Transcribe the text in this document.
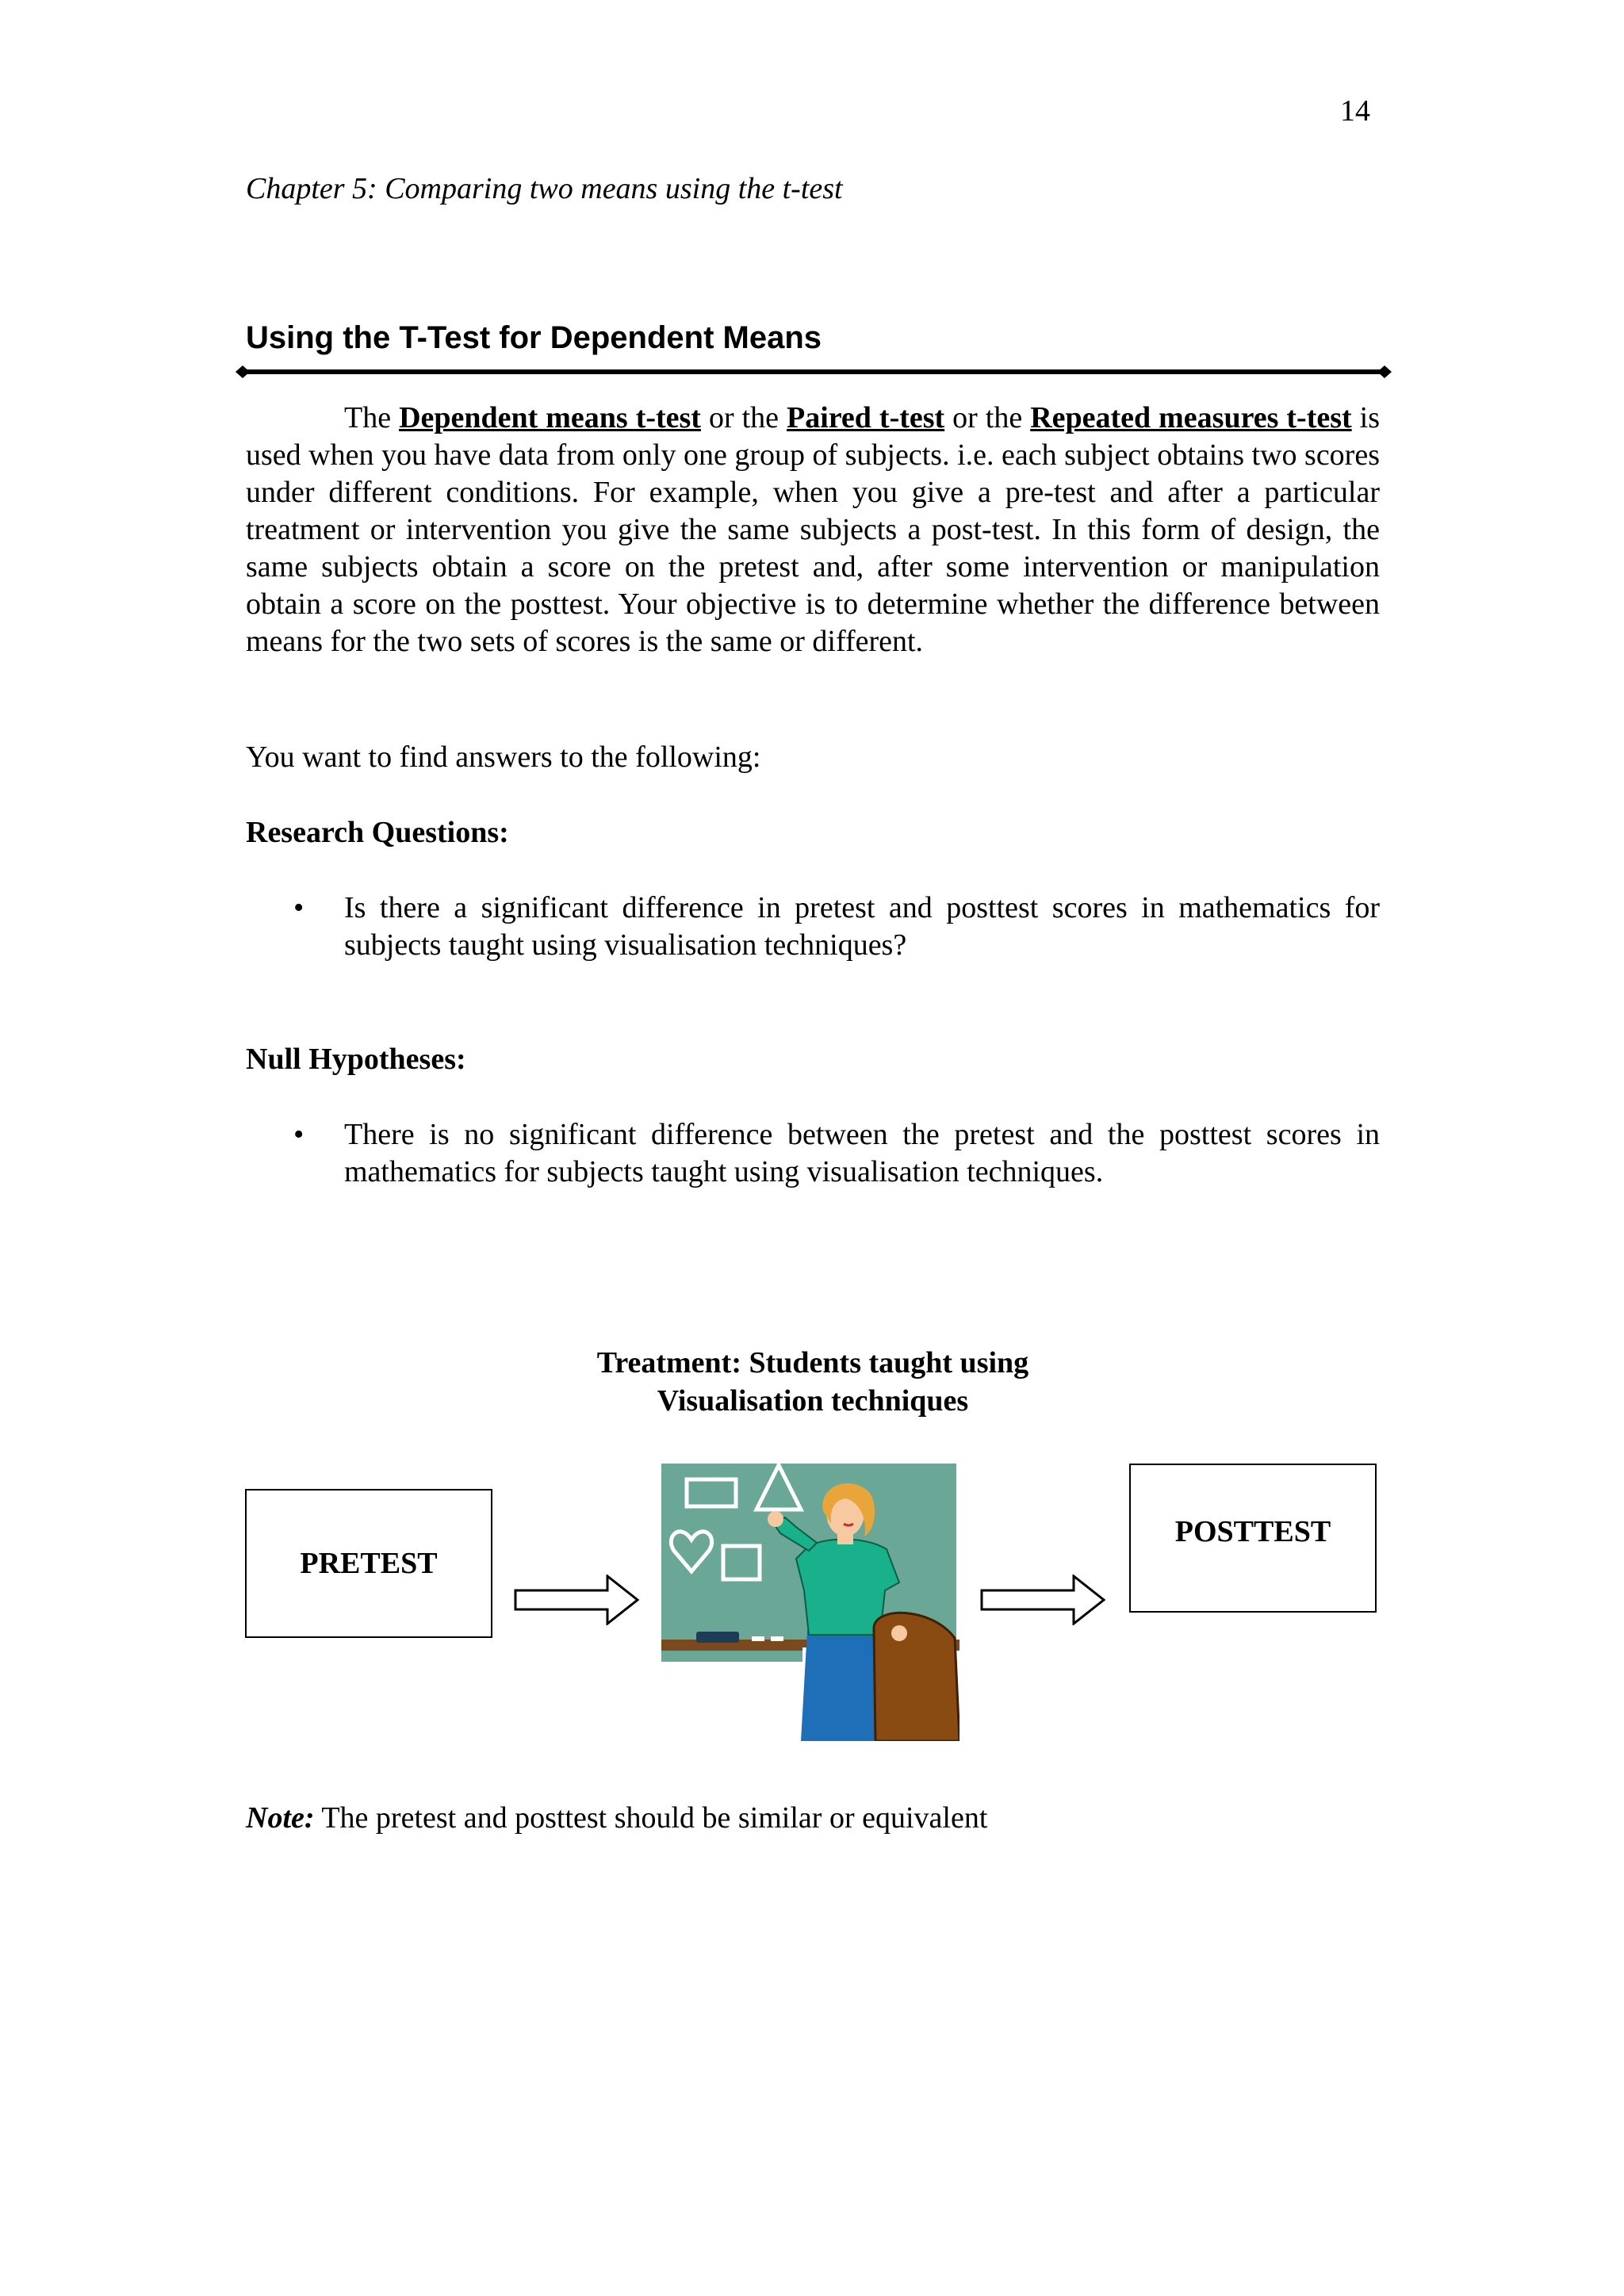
14
Chapter 5: Comparing two means using the t-test
Using the T-Test for Dependent Means

The Dependent means t-test or the Paired t-test or the Repeated measures t-test is used when you have data from only one group of subjects. i.e. each subject obtains two scores under different conditions. For example, when you give a pre-test and after a particular treatment or intervention you give the same subjects a post-test. In this form of design, the same subjects obtain a score on the pretest and, after some intervention or manipulation obtain a score on the posttest. Your objective is to determine whether the difference between means for the two sets of scores is the same or different.

You want to find answers to the following:

Research Questions:

• Is there a significant difference in pretest and posttest scores in mathematics for subjects taught using visualisation techniques?

Null Hypotheses:

• There is no significant difference between the pretest and the posttest scores in mathematics for subjects taught using visualisation techniques.
Treatment: Students taught using
Visualisation techniques
PRETEST
POSTTEST

Note: The pretest and posttest should be similar or equivalent
